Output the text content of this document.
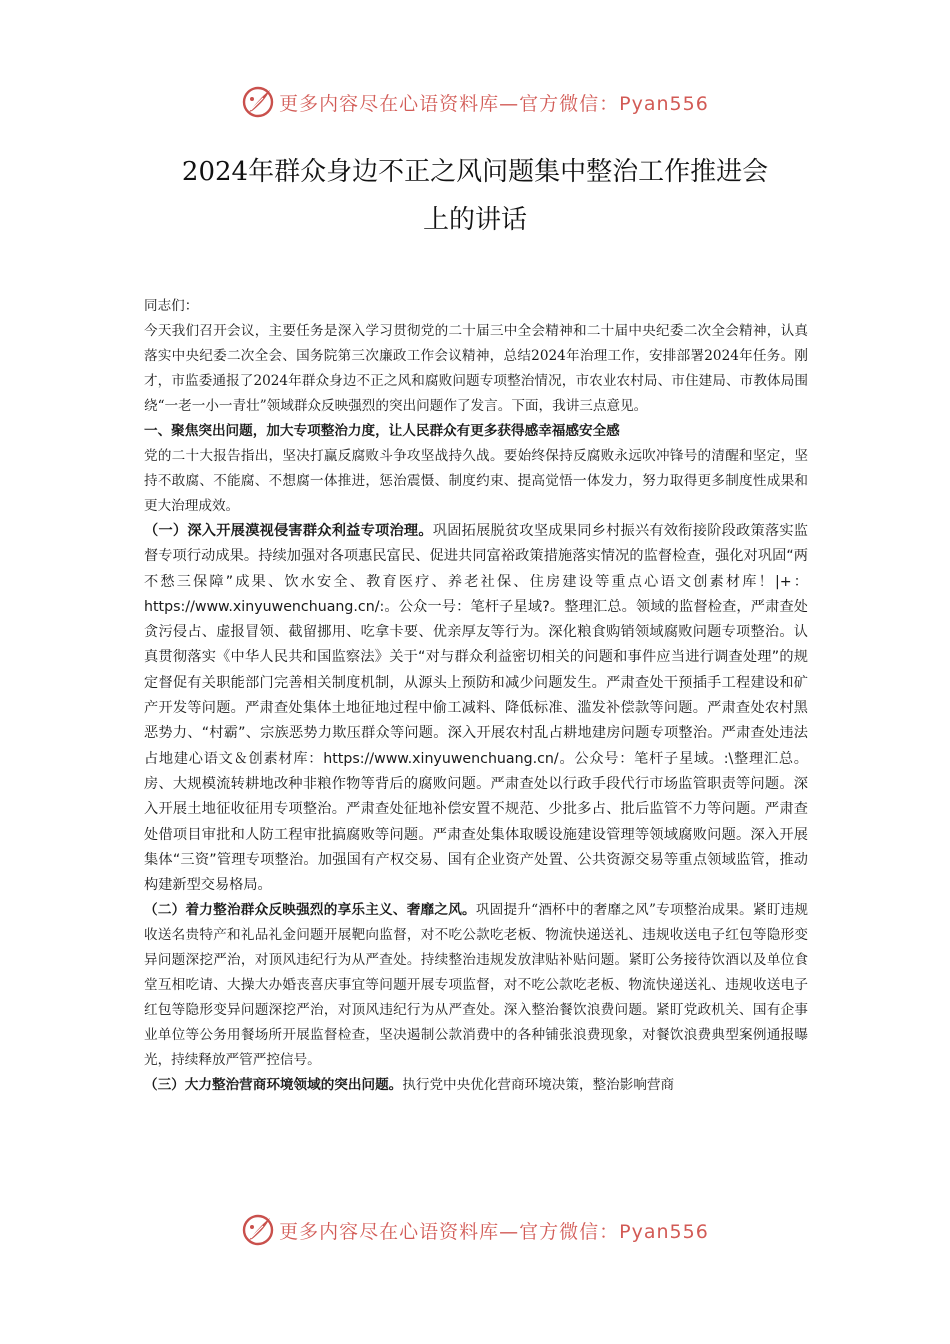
更多内容尽在心语资料库—官方微信：Pyan556
2024年群众身边不正之风问题集中整治工作推进会
上的讲话

同志们：

今天我们召开会议，主要任务是深入学习贯彻党的二十届三中全会精神和二十届中央纪委二次全会精神，认真落实中央纪委二次全会、国务院第三次廉政工作会议精神，总结2024年治理工作，安排部署2024年任务。刚才，市监委通报了2024年群众身边不正之风和腐败问题专项整治情况，市农业农村局、市住建局、市教体局围绕“一老一小一青壮”领域群众反映强烈的突出问题作了发言。下面，我讲三点意见。

一、聚焦突出问题，加大专项整治力度，让人民群众有更多获得感幸福感安全感

党的二十大报告指出，坚决打赢反腐败斗争攻坚战持久战。要始终保持反腐败永远吹冲锋号的清醒和坚定，坚持不敢腐、不能腐、不想腐一体推进，惩治震慑、制度约束、提高觉悟一体发力，努力取得更多制度性成果和更大治理成效。

（一）深入开展漠视侵害群众利益专项治理。巩固拓展脱贫攻坚成果同乡村振兴有效衔接阶段政策落实监督专项行动成果。持续加强对各项惠民富民、促进共同富裕政策措施落实情况的监督检查，强化对巩固“两不愁三保障”成果、饮水安全、教育医疗、养老社保、住房建设等重点心语文创素材库！|+：https://www.xinyuwenchuang.cn/:。公众一号：笔杆子星域?。整理汇总。领域的监督检查，严肃查处贪污侵占、虚报冒领、截留挪用、吃拿卡要、优亲厚友等行为。深化粮食购销领域腐败问题专项整治。认真贯彻落实《中华人民共和国监察法》关于“对与群众利益密切相关的问题和事件应当进行调查处理”的规定督促有关职能部门完善相关制度机制，从源头上预防和减少问题发生。严肃查处干预插手工程建设和矿产开发等问题。严肃查处集体土地征地过程中偷工减料、降低标准、滥发补偿款等问题。严肃查处农村黑恶势力、“村霸”、宗族恶势力欺压群众等问题。深入开展农村乱占耕地建房问题专项整治。严肃查处违法占地建心语文＆创素材库：https://www.xinyuwenchuang.cn/。公众号：笔杆子星域。:\整理汇总。房、大规模流转耕地改种非粮作物等背后的腐败问题。严肃查处以行政手段代行市场监管职责等问题。深入开展土地征收征用专项整治。严肃查处征地补偿安置不规范、少批多占、批后监管不力等问题。严肃查处借项目审批和人防工程审批搞腐败等问题。严肃查处集体取暖设施建设管理等领域腐败问题。深入开展集体“三资”管理专项整治。加强国有产权交易、国有企业资产处置、公共资源交易等重点领域监管，推动构建新型交易格局。

（二）着力整治群众反映强烈的享乐主义、奢靡之风。巩固提升“酒杯中的奢靡之风”专项整治成果。紧盯违规收送名贵特产和礼品礼金问题开展靶向监督，对不吃公款吃老板、物流快递送礼、违规收送电子红包等隐形变异问题深挖严治，对顶风违纪行为从严查处。持续整治违规发放津贴补贴问题。紧盯公务接待饮酒以及单位食堂互相吃请、大操大办婚丧喜庆事宜等问题开展专项监督，对不吃公款吃老板、物流快递送礼、违规收送电子红包等隐形变异问题深挖严治，对顶风违纪行为从严查处。深入整治餐饮浪费问题。紧盯党政机关、国有企事业单位等公务用餐场所开展监督检查，坚决遏制公款消费中的各种铺张浪费现象，对餐饮浪费典型案例通报曝光，持续释放严管严控信号。

（三）大力整治营商环境领域的突出问题。执行党中央优化营商环境决策，整治影响营商

更多内容尽在心语资料库—官方微信：Pyan556
